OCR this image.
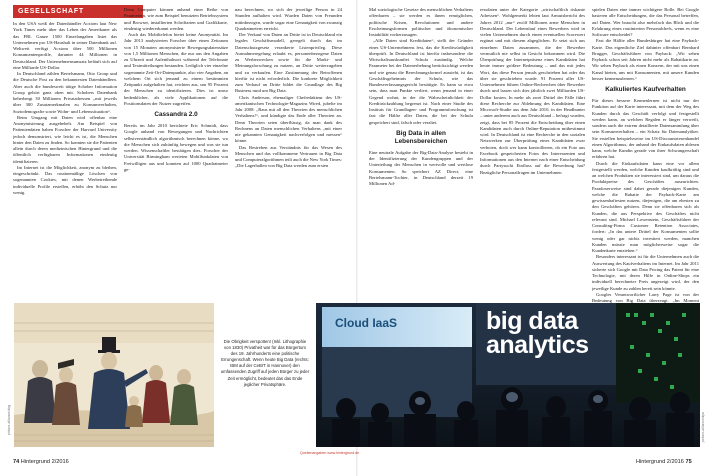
GESELLSCHAFT

In den USA weiß der Datenhändler Acxiom laut New York Times mehr über das Leben der Amerikaner als das FBI. Ganze 1500 Einzelangaben listet das Unternehmen pro US-Haushalt in seiner Datenbank auf. Weltweit verfügt Acxiom über 500 Millionen Konsumentenprofile, darunter 44 Millionen in Deutschland. Der Unternehmensumsatz beläuft sich auf eine Milliarde US-Dollar.

In Deutschland zählen Bertelsmann, Otto Group und die Deutsche Post zu den bekanntesten Datenhändlern. Aber auch die bundesweit tätige Schober Information Group gehört ganz oben mit. Schobers Datenbank beherbergt 30 Millionen Privatadressen „mit jeweils über 300 Zusatzmerkmalen zu Konsumverhalten, Soziodemografie sowie Wohn- und Lebenssituation“.

Beim Umgang mit Daten wird offenbar eine Anonymisierung ausgehebelt. Am Beispiel von Patientendaten haben Forscher der Harvard University jedoch demonstriert, wie leicht es ist, die Menschen hinter den Daten zu finden. So konnten sie die Patienten allein durch deren medizinischen Hintergrund und die öffentlich verfügbaren Informationen eindeutig identifizieren.

Im Internet ist die Möglichkeit, anonym zu bleiben, eingeschränkt. Das routinemäßige Löschen von sogenannten Cookies, mit denen Werbetreibende individuelle Profile erstellen, erhöht den Schutz nur wenig.

Denn Computer können anhand einer Reihe von Parametern, wie zum Beispiel benutzten Betriebssystem und Browser, installierten Schriftarten und Grafikkarte, eindeutig wiedererkannt werden.

Auch das Mobiltelefon bietet keine Anonymität. Im Jahr 2013 analysierten Forscher über einen Zeitraum von 15 Monaten anonymisierte Bewegungsdatensätze von 1,5 Millionen Menschen, die nur aus den Angaben zu Uhrzeit und Aufenthaltsort während der Telefonate und Textmitteilungen bestanden. Lediglich vier einzelne sogenannte Zeit-Ort-Datenpunkte, also vier Angaben, an welchem Ort sich jemand zu einem bestimmten Zeitpunkt aufgehalten hat, reichten aus, um 95 Prozent der Menschen zu identifizieren. Dies ist umso bedenklicher, als viele Applikationen auf die Positionsdaten der Nutzer zugreifen.

Cassandra 2.0

Bereits im Jahr 2010 berichtete Eric Schmidt, dass Google anhand von Bewegungen und Nachrichten selbstverständlich algorithmisch berechnen könne, wo die Menschen sich zukünftig bewegen und was sie tun werden. Wissenschaftler bestätigen dies. Forscher der Universität Birmingham werteten Mobilfunkdaten von Freiwilligen aus und konnten auf 1000 Quadratmeter ge-

nau berechnen, wo sich der jeweilige Person in 24 Stunden aufhalten wird. Wurden Daten von Freunden mitinbezogen, wurde sogar eine Genauigkeit von zwanzig Quadratmetern erreicht.

Der Verkauf von Daten an Dritte ist in Deutschland ein legales Geschäftsmodell, geregelt durch das im Datenschutzgesetz verankerte Listenprivileg. Diese Ausnahmeregelung erlaubt es, personenbezogene Daten zu Werbezwecken sowie für die Markt- und Meinungsforschung zu nutzen, an Dritte weiterzugeben und zu verkaufen. Eine Zustimmung der Betroffenen hierfür ist nicht erforderlich. Die konkrete Möglichkeit zum Verkauf an Dritte bildet die Grundlage des Big Business rund um Big Data.

Chris Anderson, ehemaliger Chefredakteur des US-amerikanischen Technologie-Magazins Wired, jubelte im Jahr 2008: „Raus mit all den Theorien des menschlichen Verhaltens!“, und kündigte das Ende aller Theorien an. Denn Theorien seien überflüssig, da man dank des Rechnens an Daten menschlichen Verhaltens „mit einer nie gekannten Genauigkeit nachverfolgen und messen“ könne.

Das Bestreben aus Verständnis für das Wesen des Menschen und das vollkommene Vertrauen in Big Data und Computeralgorithmen teilt auch die New York Times: „Die Lagerhallen von Big Data werden zum ersten

Mal soziologische Gesetze des menschlichen Verhaltens offenbaren – sie werden es ihnen ermöglichen, politische Krisen, Revolutionen und andere Erscheinungsformen politischer und ökonomischer Instabilität vorherzusagen.

„Alle Daten sind Kreditdaten“, stellt der Gründer eines US-Unternehmens fest, das die Kreditwürdigkeit überprüft. In Deutschland ist hierfür insbesondere die Wirtschaftsauskunftei Schufa zuständig. Welche Parameter bei der Datenerhebung berücksichtigt werden und wie genau die Berechnungsformel aussieht, ist das Geschäftsgeheimnis der Schufa, wie das Bundesverfassungsgericht bestätigte. Es kann so etwa sein, dass man Punkte verliert, wenn jemand in einer Gegend wohnt, in der die Wahrscheinlichkeit der Kreditrückzahlung begrenzt ist. Nach einer Studie des Instituts für Grundlagen- und Programmforschung ist fast die Hälfte aller Daten, die bei der Schufa gespeichert sind, falsch oder veraltet.

Big Data in allen Lebensbereichen

Eine neutrale Aufgabe der Big-Data-Analyse besteht in der Identifizierung der Kundengruppen und der Unterteilung der Menschen in wertvolle und wertlose Konsumenten. So speichert AZ Direct, eine Bertelsmann-Tochter, in Deutschland derzeit 19 Millionen Ad-

ressdaten unter der Kategorie „wirtschaftlich riskante Adressen“. Wohlgemerkt lebten laut Armutsbericht des Jahres 2012 „nur“ zwölf Millionen arme Menschen in Deutschland. Der Lebenslauf eines Bewerbers wird in vielen Unternehmen durch einen eventuellen Scorewert ergänzt und mit diesem abgeglichen. Er setzt sich aus einzelnen Daten zusammen, die der Bewerber vermutlich nie selbst in Gesicht bekommen wird. Die Überprüfung der Internetpräsenz eines Kandidaten hat heute immer größere Bedeutung – und das mit jedes Wort, das diese Person jemals geschrieben hat oder das über sie geschrieben wurde. 91 Prozent aller US-Unternehmen führen Online-Recherchen über Bewerber durch und lassen sich dies jährlich zwei Milliarden US-Dollar kosten. In mehr als zwei Drittel der Fälle führt diese Recherche zur Ablehnung des Kandidaten. Eine Microsoft-Studie aus dem Jahr 2010, in der Headhunter – unter anderem auch aus Deutschland – befragt wurden, zeigt, dass bei 85 Prozent die Entscheidung über einen Kandidaten auch durch Online-Reputation mitbestimmt wird. In Deutschland ist eine Recherche in den sozialen Netzwerken zur Überprüfung eines Kandidaten zwar verboten, doch wer kann kontrollieren, ob ein Foto aus Facebook gespeicherten Fotos des Interessenten und Informationen aus den Internet nach einer Entscheidung durch Partysucht Einfluss auf die Bewerbung hat? Bezügliche Personalfragen im Unternehmen

spielen Daten eine immer wichtigere Rolle. Bei Google basieren alle Entscheidungen, die das Personal betreffen, auf Daten. Wer braucht also mehrfach das Blick und die Erfahrung eines routinierten Personalchefs, wenn es eine Software entscheidet?

Fast die Hälfte aller Bundesbürger hat eine Payback-Karte. Das eigentliche Ziel dahinter offenbart Bernhard Brugger, Geschäftsführer von Payback: „Wir sehen Payback schon seit Jahren nicht mehr als Rabattkarte an. Wir sehen Payback als einen Konzern, der mit uns einen Kanal bieten, uns mit Konsumenten, mit unsere Kunden besser kennenzulernen.“

Kalkuliertes Kaufverhalten

Für dieses bessere Kennenlernen ist nicht nur der Funktion auf der Karte interessant, mit dem der Weg des Kunden durch das Geschäft verfolgt und festgestellt werden kann, an welchen Regalen er länger verweilt, sondern auch die extrem detaillierte Datensammlung über sein Konsumverhalten – ein Schatz für Datenanalytiker. Sie erstellen beispielsweise im US-Discountriesenhandel einen Algorithmus, der anhand der Einkaufsdaten ablesen kann, welche Kundin gerade von ihrer Schwangerschaft erfahren hat.

Durch die Einkaufsdaten kann eine vor allem festgestellt werden, welche Kunden kaufkräftig sind und an welchen Produkten sie interessiert sind, um daraus die Produktpreise des Geschäftes auszurichten. Paradoxerweise sind dabei gerade diejenigen Kunden, welche die Rabatte der Payback-Karte am gewissenhaftesten nutzen, diejenigen, die am ehesten zu den Geschäften gehören. Denn sie offenbaren sich als Kunden, die aus Perspektive des Geschäftes nicht relevant sind. Michael Lowenstein, Geschäftsführer der Consulting-Firma Customer Retention Associates, fordert: „In das untere Drittel der Konsumenten sollte wenig oder gar nichts investiert werden, manchen Kunden müsste man möglicherweise sogar die Kundenkarte entziehen.“

Besonders interessant ist für die Unternehmen auch die Auswertung des Kaufverhaltens im Internet. Im Jahr 2011 sicherte sich Google mit Data Pricing das Patent für eine Technologie, mit deren Hilfe in Online-Shops ein individuell berechneter Preis angezeigt wird, der den jeweilige Kunde zu zahlen bereit sein könnte.

Googles Verantwortlicher Larry Page ist von der Bedeutung von Big Data überzeugt. „Im Moment

Die Obrigkeit verspotten! (Inkl. Lithographie von 1830) Privatheit war für das Bürgertum des 19. Jahrhunderts eine politische Errungenschaft. Wenn heute Big Data (rechts: IBM auf der CeBIT in Hannover) den umfassenden Zugriff auf jeden Bürger zu jeder Zeit ermöglicht, bedeutet das das Ende jeglicher Privatsphäre.
Cloud IaaS	big data analytics
picture-alliance/akg	picture-alliance/dpa
Quellenangaben www.hintergrund.de
74 Hintergrund 2/2016	Hintergrund 2/2016 75
